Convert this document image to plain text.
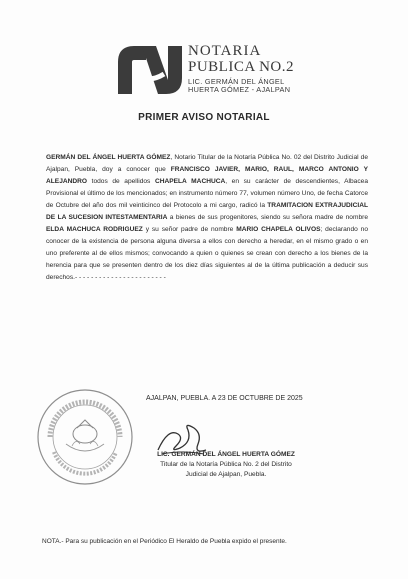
NOTARIA
PUBLICA NO.2
LIC. GERMÁN DEL ÁNGEL
HUERTA GÓMEZ - AJALPAN
PRIMER AVISO NOTARIAL
GERMÁN DEL ÁNGEL HUERTA GÓMEZ, Notario Titular de la Notaría Pública No. 02 del Distrito Judicial de Ajalpan, Puebla, doy a conocer que FRANCISCO JAVIER, MARIO, RAUL, MARCO ANTONIO Y ALEJANDRO todos de apellidos CHAPELA MACHUCA, en su carácter de descendientes, Albacea Provisional el último de los mencionados; en instrumento número 77, volumen número Uno, de fecha Catorce de Octubre del año dos mil veinticinco del Protocolo a mi cargo, radicó la TRAMITACION EXTRAJUDICIAL DE LA SUCESION INTESTAMENTARIA a bienes de sus progenitores, siendo su señora madre de nombre ELDA MACHUCA RODRIGUEZ y su señor padre de nombre MARIO CHAPELA OLIVOS; declarando no conocer de la existencia de persona alguna diversa a ellos con derecho a heredar, en el mismo grado o en uno preferente al de ellos mismos; convocando a quien o quienes se crean con derecho a los bienes de la herencia para que se presenten dentro de los diez días siguientes al de la última publicación a deducir sus derechos.- - - - - - - - - - - - - - - - - - - - - - -
AJALPAN, PUEBLA. A 23 DE OCTUBRE DE 2025
LIC. GERMÁN DEL ÁNGEL HUERTA GÓMEZ
Titular de la Notaría Pública No. 2 del Distrito
Judicial de Ajalpan, Puebla.
NOTA.- Para su publicación en el Periódico El Heraldo de Puebla expido el presente.
